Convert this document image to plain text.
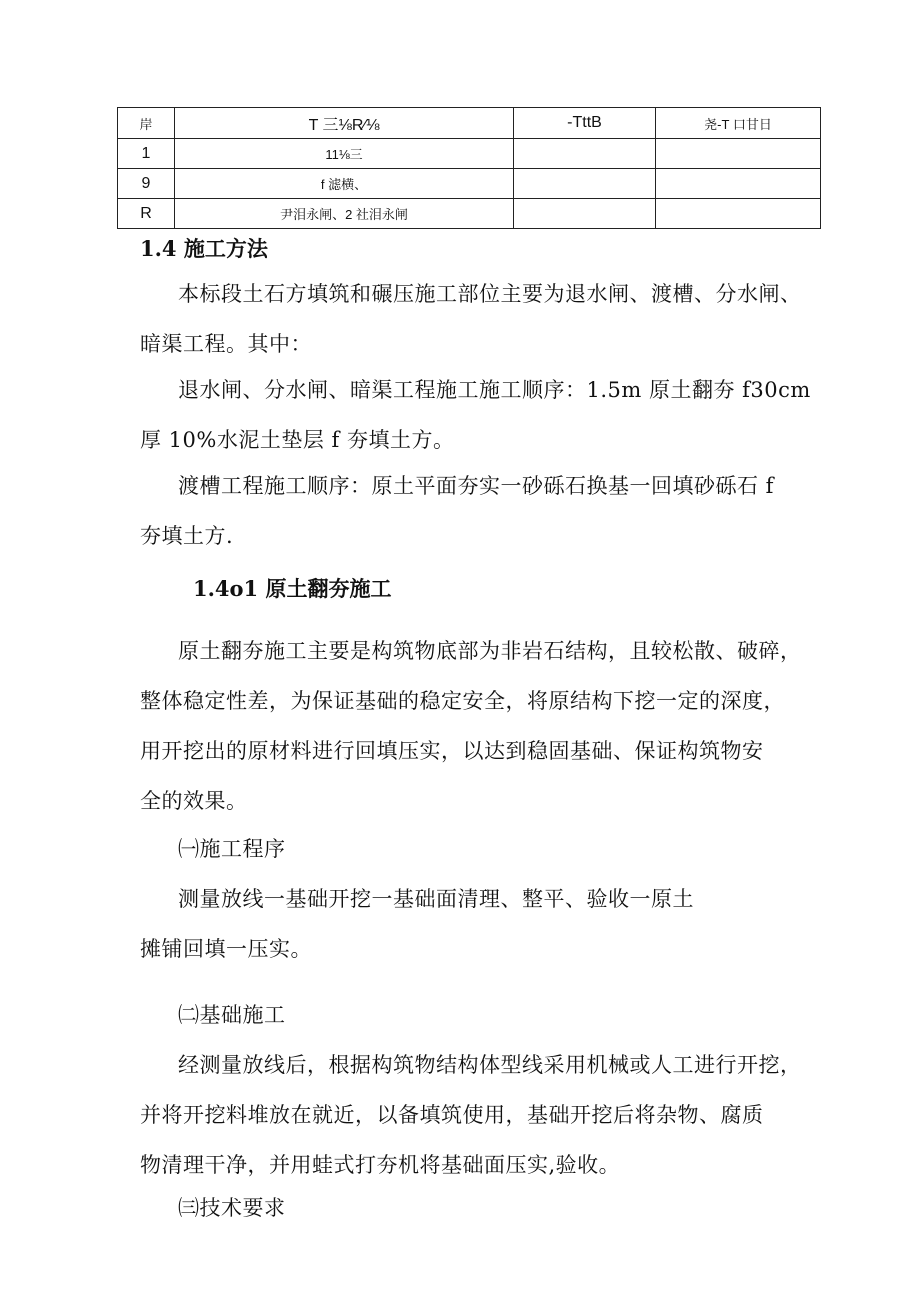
岸	T 三⅛R⁄⅛	-TttB	尧-T 口甘日
1	11⅛三		
9	f 滤横、		
R	尹泪永闸、2 社泪永闸		
1.4 施工方法
本标段土石方填筑和碾压施工部位主要为退水闸、渡槽、分水闸、
暗渠工程。其中：
退水闸、分水闸、暗渠工程施工施工顺序：1.5m 原土翻夯 f30cm
厚 10%水泥土垫层 f 夯填土方。
渡槽工程施工顺序：原土平面夯实一砂砾石换基一回填砂砾石 f
夯填土方.
1.4o1 原土翻夯施工
原土翻夯施工主要是构筑物底部为非岩石结构，且较松散、破碎，
整体稳定性差，为保证基础的稳定安全，将原结构下挖一定的深度，
用开挖出的原材料进行回填压实，以达到稳固基础、保证构筑物安
全的效果。
㈠施工程序
测量放线一基础开挖一基础面清理、整平、验收一原土
摊铺回填一压实。
㈡基础施工
经测量放线后，根据构筑物结构体型线采用机械或人工进行开挖，
并将开挖料堆放在就近，以备填筑使用，基础开挖后将杂物、腐质
物清理干净，并用蛙式打夯机将基础面压实,验收。
㈢技术要求
